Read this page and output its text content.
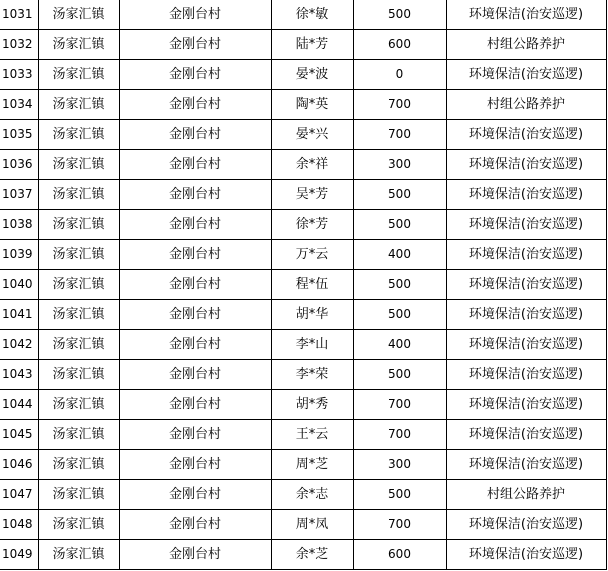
1031	汤家汇镇	金刚台村	徐*敏	500	环境保洁(治安巡逻)
1032	汤家汇镇	金刚台村	陆*芳	600	村组公路养护
1033	汤家汇镇	金刚台村	晏*波	0	环境保洁(治安巡逻)
1034	汤家汇镇	金刚台村	陶*英	700	村组公路养护
1035	汤家汇镇	金刚台村	晏*兴	700	环境保洁(治安巡逻)
1036	汤家汇镇	金刚台村	余*祥	300	环境保洁(治安巡逻)
1037	汤家汇镇	金刚台村	吴*芳	500	环境保洁(治安巡逻)
1038	汤家汇镇	金刚台村	徐*芳	500	环境保洁(治安巡逻)
1039	汤家汇镇	金刚台村	万*云	400	环境保洁(治安巡逻)
1040	汤家汇镇	金刚台村	程*伍	500	环境保洁(治安巡逻)
1041	汤家汇镇	金刚台村	胡*华	500	环境保洁(治安巡逻)
1042	汤家汇镇	金刚台村	李*山	400	环境保洁(治安巡逻)
1043	汤家汇镇	金刚台村	李*荣	500	环境保洁(治安巡逻)
1044	汤家汇镇	金刚台村	胡*秀	700	环境保洁(治安巡逻)
1045	汤家汇镇	金刚台村	王*云	700	环境保洁(治安巡逻)
1046	汤家汇镇	金刚台村	周*芝	300	环境保洁(治安巡逻)
1047	汤家汇镇	金刚台村	余*志	500	村组公路养护
1048	汤家汇镇	金刚台村	周*凤	700	环境保洁(治安巡逻)
1049	汤家汇镇	金刚台村	余*芝	600	环境保洁(治安巡逻)
